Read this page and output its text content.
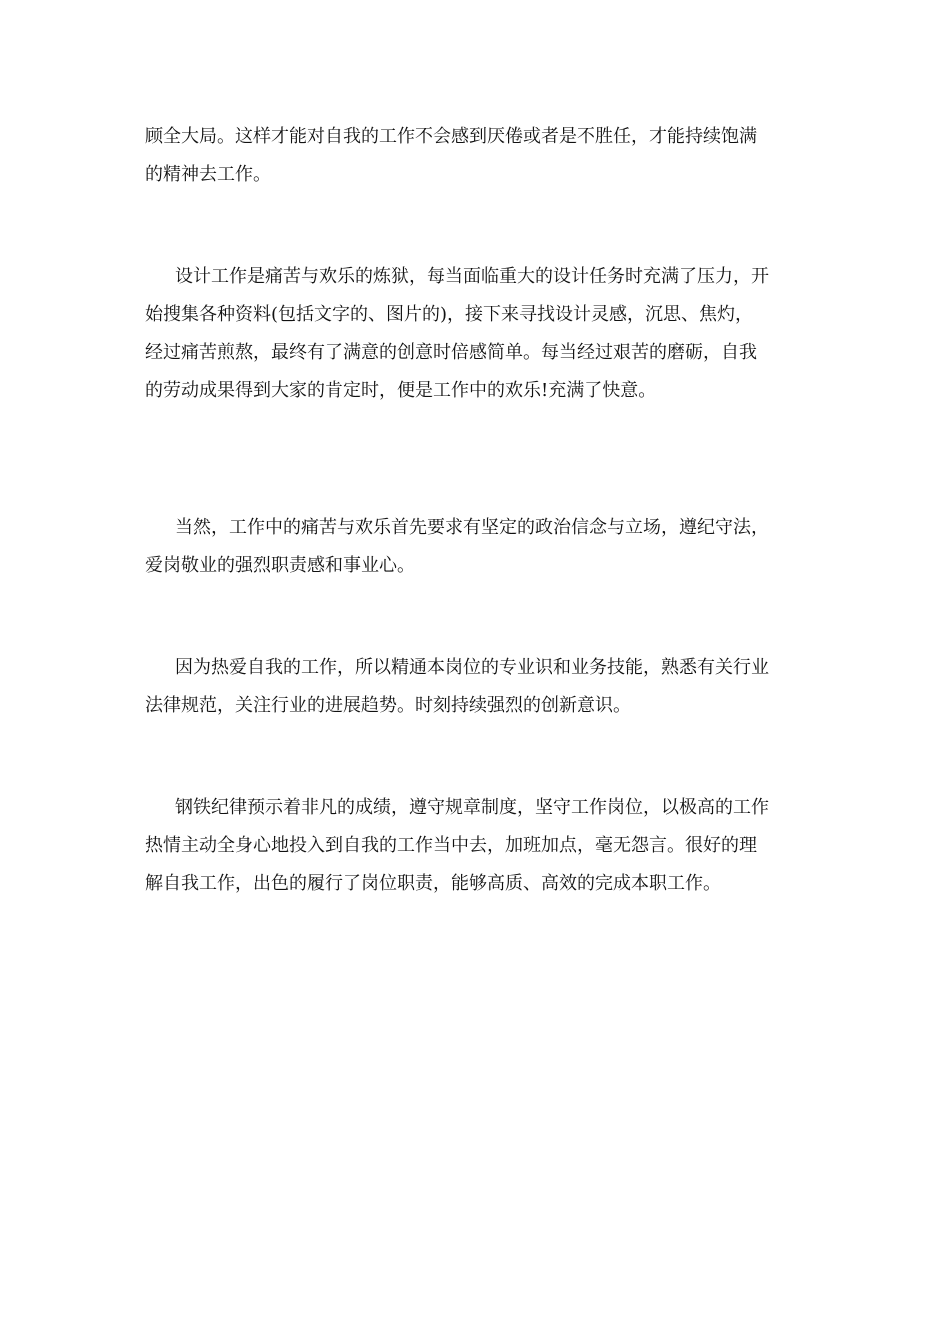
顾全大局。这样才能对自我的工作不会感到厌倦或者是不胜任，才能持续饱满
的精神去工作。

设计工作是痛苦与欢乐的炼狱，每当面临重大的设计任务时充满了压力，开
始搜集各种资料(包括文字的、图片的)，接下来寻找设计灵感，沉思、焦灼，
经过痛苦煎熬，最终有了满意的创意时倍感简单。每当经过艰苦的磨砺，自我
的劳动成果得到大家的肯定时，便是工作中的欢乐!充满了快意。

当然，工作中的痛苦与欢乐首先要求有坚定的政治信念与立场，遵纪守法，
爱岗敬业的强烈职责感和事业心。

因为热爱自我的工作，所以精通本岗位的专业识和业务技能，熟悉有关行业
法律规范，关注行业的进展趋势。时刻持续强烈的创新意识。

钢铁纪律预示着非凡的成绩，遵守规章制度，坚守工作岗位，以极高的工作
热情主动全身心地投入到自我的工作当中去，加班加点，毫无怨言。很好的理
解自我工作，出色的履行了岗位职责，能够高质、高效的完成本职工作。
